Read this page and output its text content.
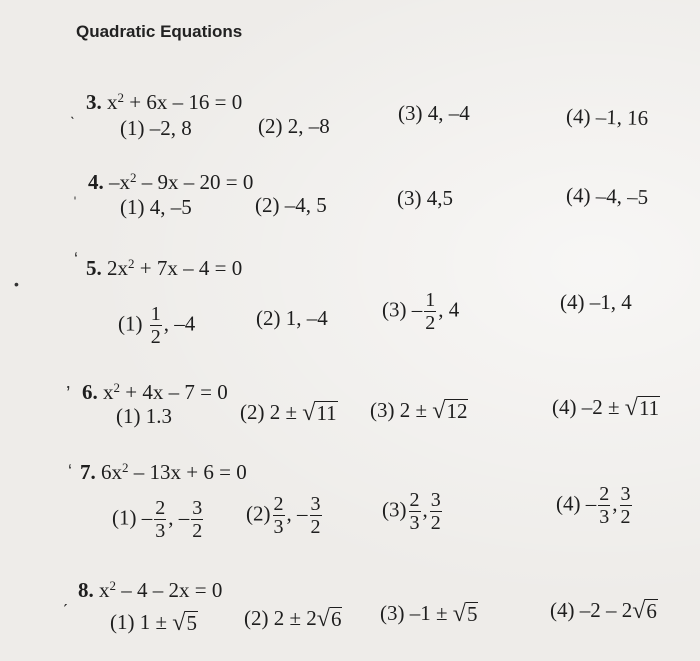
Quadratic Equations
ˎ 3. $x^2 + 6x - 16 = 0$
(1) –2, 8	(2) 2, –8
(3) 4, –4	(4) –1, 16
ˌ 4. $-x^2 - 9x - 20 = 0$
(1) 4, –5	(2) –4, 5	(3) 4,5	(4) –4, –5
•
ʻ 5. $2x^2 + 7x - 4 = 0$
$(1) \frac{1}{2}$ , –4	(2) 1, –4	$(3) - \frac{1}{2}$ , 4	(4) –1, 4
’ 6. $x^2 + 4x - 7 = 0$
(1) 1.3	(2) 2 ± √ 11 (3) 2 ± √ 12	(4) –2 ± √ 11
ʻ 7. $6x^2 - 13x + 6 = 0$
$(1) - \frac{2}{3}$ , – $\frac{3}{2} (2) \frac{2}{3}$ , – $\frac{3}{2}$	$(3) \frac{2}{3}$ , $\frac{3}{2}$	$(4) - \frac{2}{3}$ , $\frac{3}{2}$
ˏ 8. $x^2 - 4 - 2x = 0$
(1) 1 ± √ 5 (2) 2 ± 2 √ 6 (3) –1 ± √ 5	(4) –2 – 2 √ 6
